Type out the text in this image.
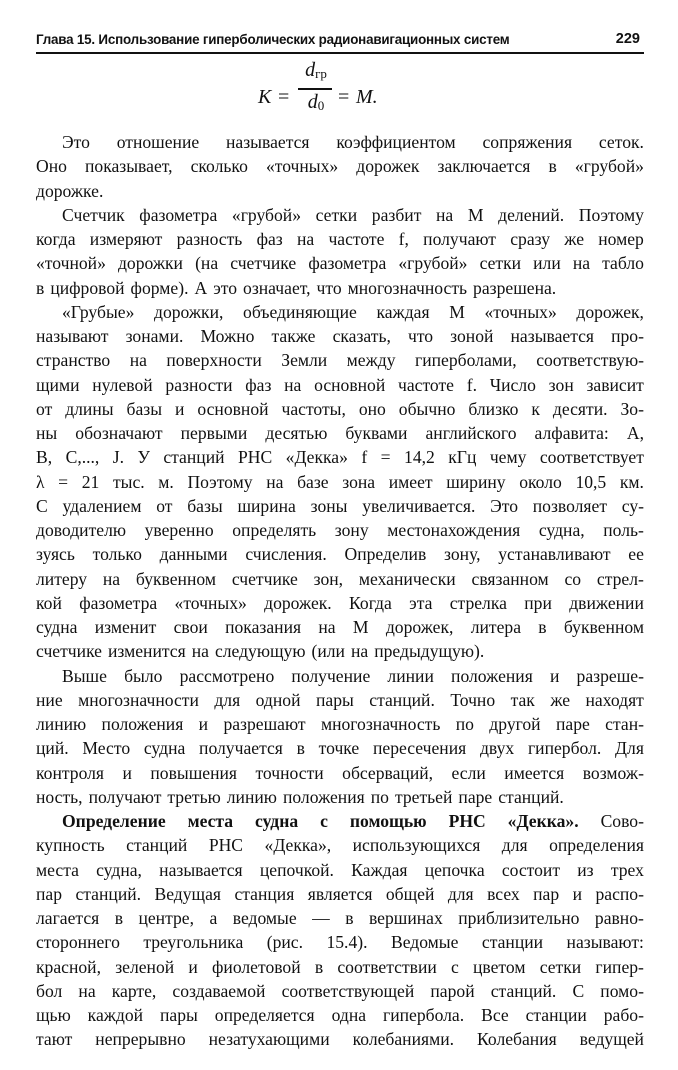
Глава 15. Использование гиперболических радионавигационных систем	229
K =
$d_{гр}$
$d_0 = M$.
Это отношение называется коэффициентом сопряжения сеток.
Оно показывает, сколько «точных» дорожек заключается в «грубой»
дорожке.
Счетчик фазометра «грубой» сетки разбит на M делений. Поэтому
когда измеряют разность фаз на частоте f, получают сразу же номер
«точной» дорожки (на счетчике фазометра «грубой» сетки или на табло
в цифровой форме). А это означает, что многозначность разрешена.
«Грубые» дорожки, объединяющие каждая M «точных» дорожек,
называют зонами. Можно также сказать, что зоной называется про-
странство на поверхности Земли между гиперболами, соответствую-
щими нулевой разности фаз на основной частоте f. Число зон зависит
от длины базы и основной частоты, оно обычно близко к десяти. Зо-
ны обозначают первыми десятью буквами английского алфавита: А,
В, С,..., J. У станций РНС «Декка» f = 14,2 кГц чему соответствует
λ = 21 тыс. м. Поэтому на базе зона имеет ширину около 10,5 км.
С удалением от базы ширина зоны увеличивается. Это позволяет су-
доводителю уверенно определять зону местонахождения судна, поль-
зуясь только данными счисления. Определив зону, устанавливают ее
литеру на буквенном счетчике зон, механически связанном со стрел-
кой фазометра «точных» дорожек. Когда эта стрелка при движении
судна изменит свои показания на M дорожек, литера в буквенном
счетчике изменится на следующую (или на предыдущую).
Выше было рассмотрено получение линии положения и разреше-
ние многозначности для одной пары станций. Точно так же находят
линию положения и разрешают многозначность по другой паре стан-
ций. Место судна получается в точке пересечения двух гипербол. Для
контроля и повышения точности обсерваций, если имеется возмож-
ность, получают третью линию положения по третьей паре станций.
Определение места судна с помощью РНС «Декка». Сово-
купность станций РНС «Декка», использующихся для определения
места судна, называется цепочкой. Каждая цепочка состоит из трех
пар станций. Ведущая станция является общей для всех пар и распо-
лагается в центре, а ведомые — в вершинах приблизительно равно-
стороннего треугольника (рис. 15.4). Ведомые станции называют:
красной, зеленой и фиолетовой в соответствии с цветом сетки гипер-
бол на карте, создаваемой соответствующей парой станций. С помо-
щью каждой пары определяется одна гипербола. Все станции рабо-
тают непрерывно незатухающими колебаниями. Колебания ведущей
